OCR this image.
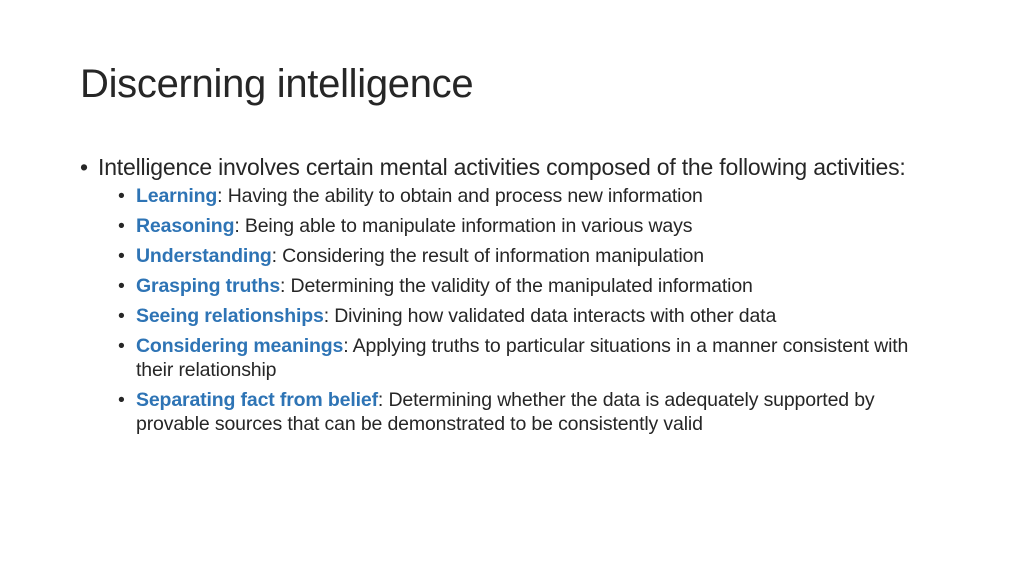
Discerning intelligence

• Intelligence involves certain mental activities composed of the following activities:

• Learning: Having the ability to obtain and process new information
• Reasoning: Being able to manipulate information in various ways
• Understanding: Considering the result of information manipulation
• Grasping truths: Determining the validity of the manipulated information
• Seeing relationships: Divining how validated data interacts with other data
• Considering meanings: Applying truths to particular situations in a manner consistent with their relationship
• Separating fact from belief: Determining whether the data is adequately supported by provable sources that can be demonstrated to be consistently valid
